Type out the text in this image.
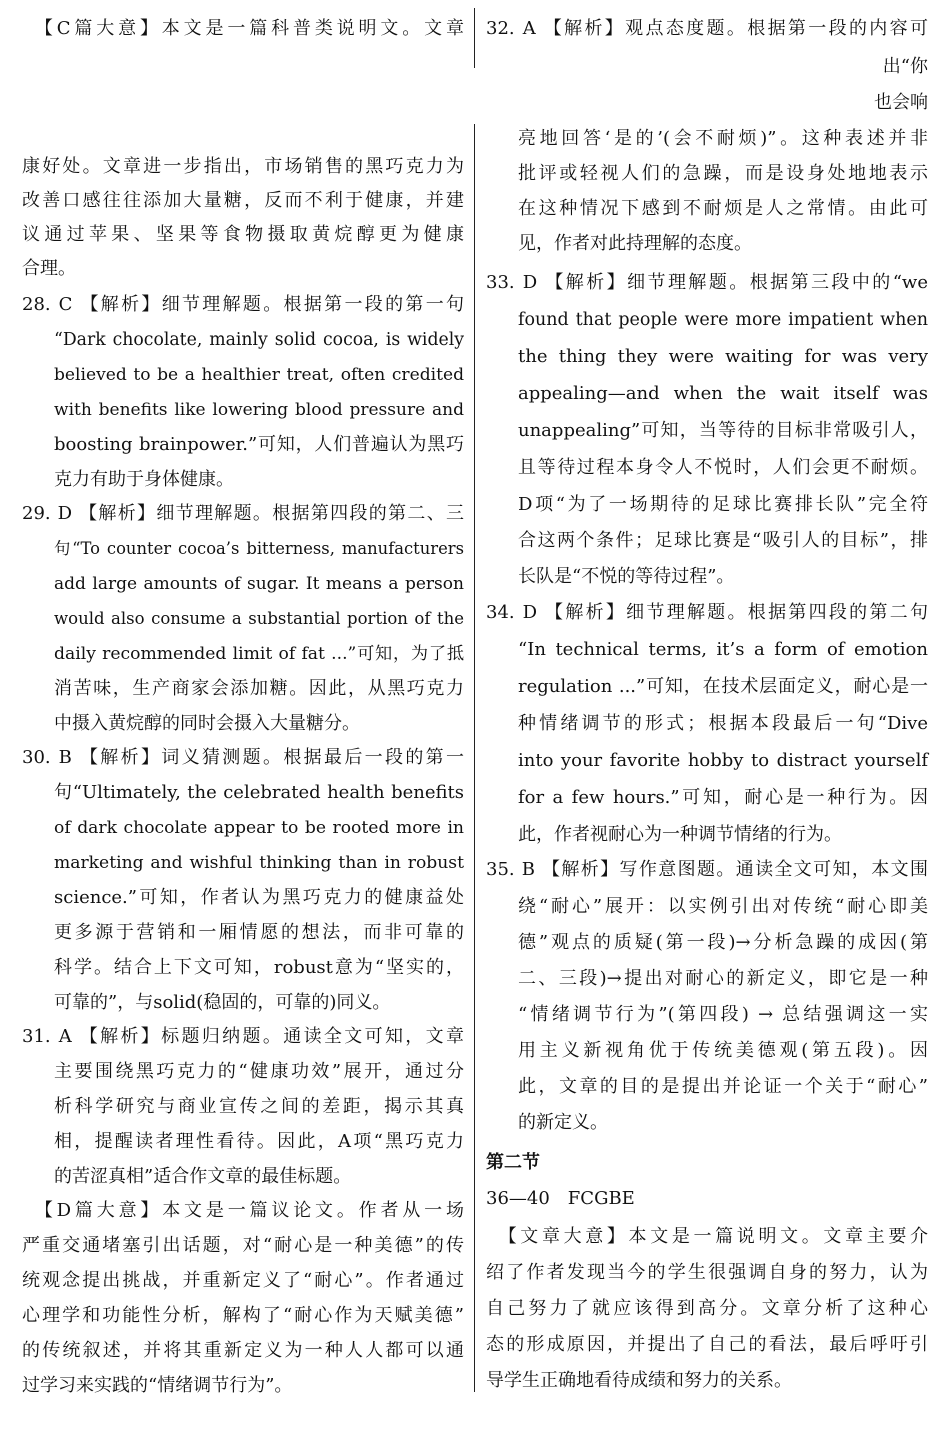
　【C篇大意】本文是一篇科普类说明文。文章
康好处。文章进一步指出，市场销售的黑巧克力为
改善口感往往添加大量糖，反而不利于健康，并建
议通过苹果、坚果等食物摄取黄烷醇更为健康
合理。
28. C 【解析】细节理解题。根据第一段的第一句
“Dark chocolate, mainly solid cocoa, is widely
believed to be a healthier treat, often credited
with benefits like lowering blood pressure and
boosting brainpower.”可知，人们普遍认为黑巧
克力有助于身体健康。
29. D 【解析】细节理解题。根据第四段的第二、三
句“To counter cocoa’s bitterness, manufacturers
add large amounts of sugar. It means a person
would also consume a substantial portion of the
daily recommended limit of fat ...”可知，为了抵
消苦味，生产商家会添加糖。因此，从黑巧克力
中摄入黄烷醇的同时会摄入大量糖分。
30. B 【解析】词义猜测题。根据最后一段的第一
句“Ultimately, the celebrated health benefits
of dark chocolate appear to be rooted more in
marketing and wishful thinking than in robust
science.”可知，作者认为黑巧克力的健康益处
更多源于营销和一厢情愿的想法，而非可靠的
科学。结合上下文可知，robust意为“坚实的，
可靠的”，与solid(稳固的，可靠的)同义。
31. A 【解析】标题归纳题。通读全文可知，文章
主要围绕黑巧克力的“健康功效”展开，通过分
析科学研究与商业宣传之间的差距，揭示其真
相，提醒读者理性看待。因此，A项“黑巧克力
的苦涩真相”适合作文章的最佳标题。
　【D篇大意】本文是一篇议论文。作者从一场
严重交通堵塞引出话题，对“耐心是一种美德”的传
统观念提出挑战，并重新定义了“耐心”。作者通过
心理学和功能性分析，解构了“耐心作为天赋美德”
的传统叙述，并将其重新定义为一种人人都可以通
过学习来实践的“情绪调节行为”。
32. A 【解析】观点态度题。根据第一段的内容可
出“你
也会响
亮地回答‘是的’(会不耐烦)”。这种表述并非
批评或轻视人们的急躁，而是设身处地地表示
在这种情况下感到不耐烦是人之常情。由此可
见，作者对此持理解的态度。
33. D 【解析】细节理解题。根据第三段中的“we
found that people were more impatient when
the thing they were waiting for was very
appealing—and when the wait itself was
unappealing”可知，当等待的目标非常吸引人，
且等待过程本身令人不悦时，人们会更不耐烦。
D项“为了一场期待的足球比赛排长队”完全符
合这两个条件；足球比赛是“吸引人的目标”，排
长队是“不悦的等待过程”。
34. D 【解析】细节理解题。根据第四段的第二句
“In technical terms, it’s a form of emotion
regulation ...”可知，在技术层面定义，耐心是一
种情绪调节的形式；根据本段最后一句“Dive
into your favorite hobby to distract yourself
for a few hours.”可知，耐心是一种行为。因
此，作者视耐心为一种调节情绪的行为。
35. B 【解析】写作意图题。通读全文可知，本文围
绕“耐心”展开：以实例引出对传统“耐心即美
德”观点的质疑(第一段)→分析急躁的成因(第
二、三段)→提出对耐心的新定义，即它是一种
“情绪调节行为”(第四段) → 总结强调这一实
用主义新视角优于传统美德观(第五段)。因
此，文章的目的是提出并论证一个关于“耐心”
的新定义。
第二节
36—40　FCGBE
　【文章大意】本文是一篇说明文。文章主要介
绍了作者发现当今的学生很强调自身的努力，认为
自己努力了就应该得到高分。文章分析了这种心
态的形成原因，并提出了自己的看法，最后呼吁引
导学生正确地看待成绩和努力的关系。
